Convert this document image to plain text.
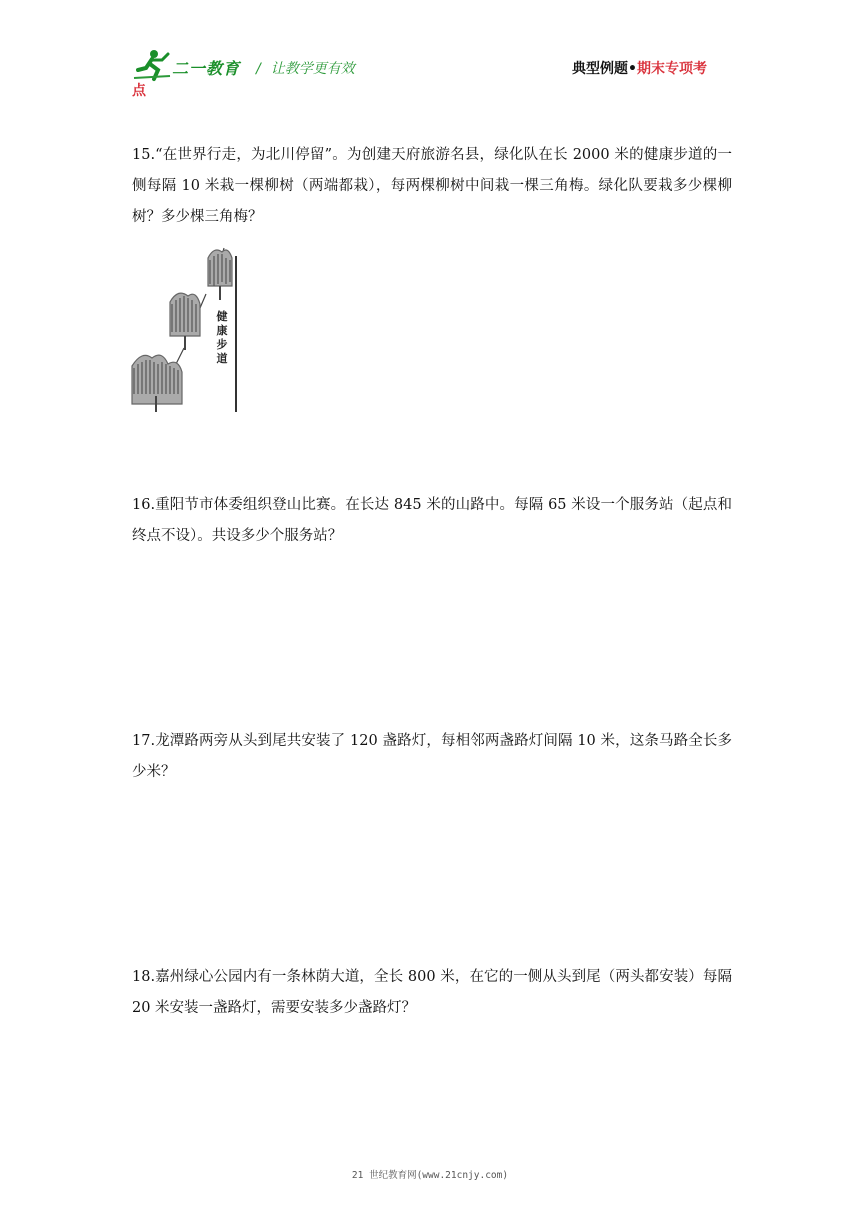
二一教育 / 让教学更有效	典型例题•期末专项考
点
15.“在世界行走，为北川停留”。为创建天府旅游名县，绿化队在长 2000 米的健康步道的一侧每隔 10 米栽一棵柳树（两端都栽），每两棵柳树中间栽一棵三角梅。绿化队要栽多少棵柳树？多少棵三角梅？
健康步道
16.重阳节市体委组织登山比赛。在长达 845 米的山路中。每隔 65 米设一个服务站（起点和终点不设）。共设多少个服务站？
17.龙潭路两旁从头到尾共安装了 120 盏路灯，每相邻两盏路灯间隔 10 米，这条马路全长多少米？
18.嘉州绿心公园内有一条林荫大道，全长 800 米，在它的一侧从头到尾（两头都安装）每隔 20 米安装一盏路灯，需要安装多少盏路灯？
21 世纪教育网(www.21cnjy.com)
